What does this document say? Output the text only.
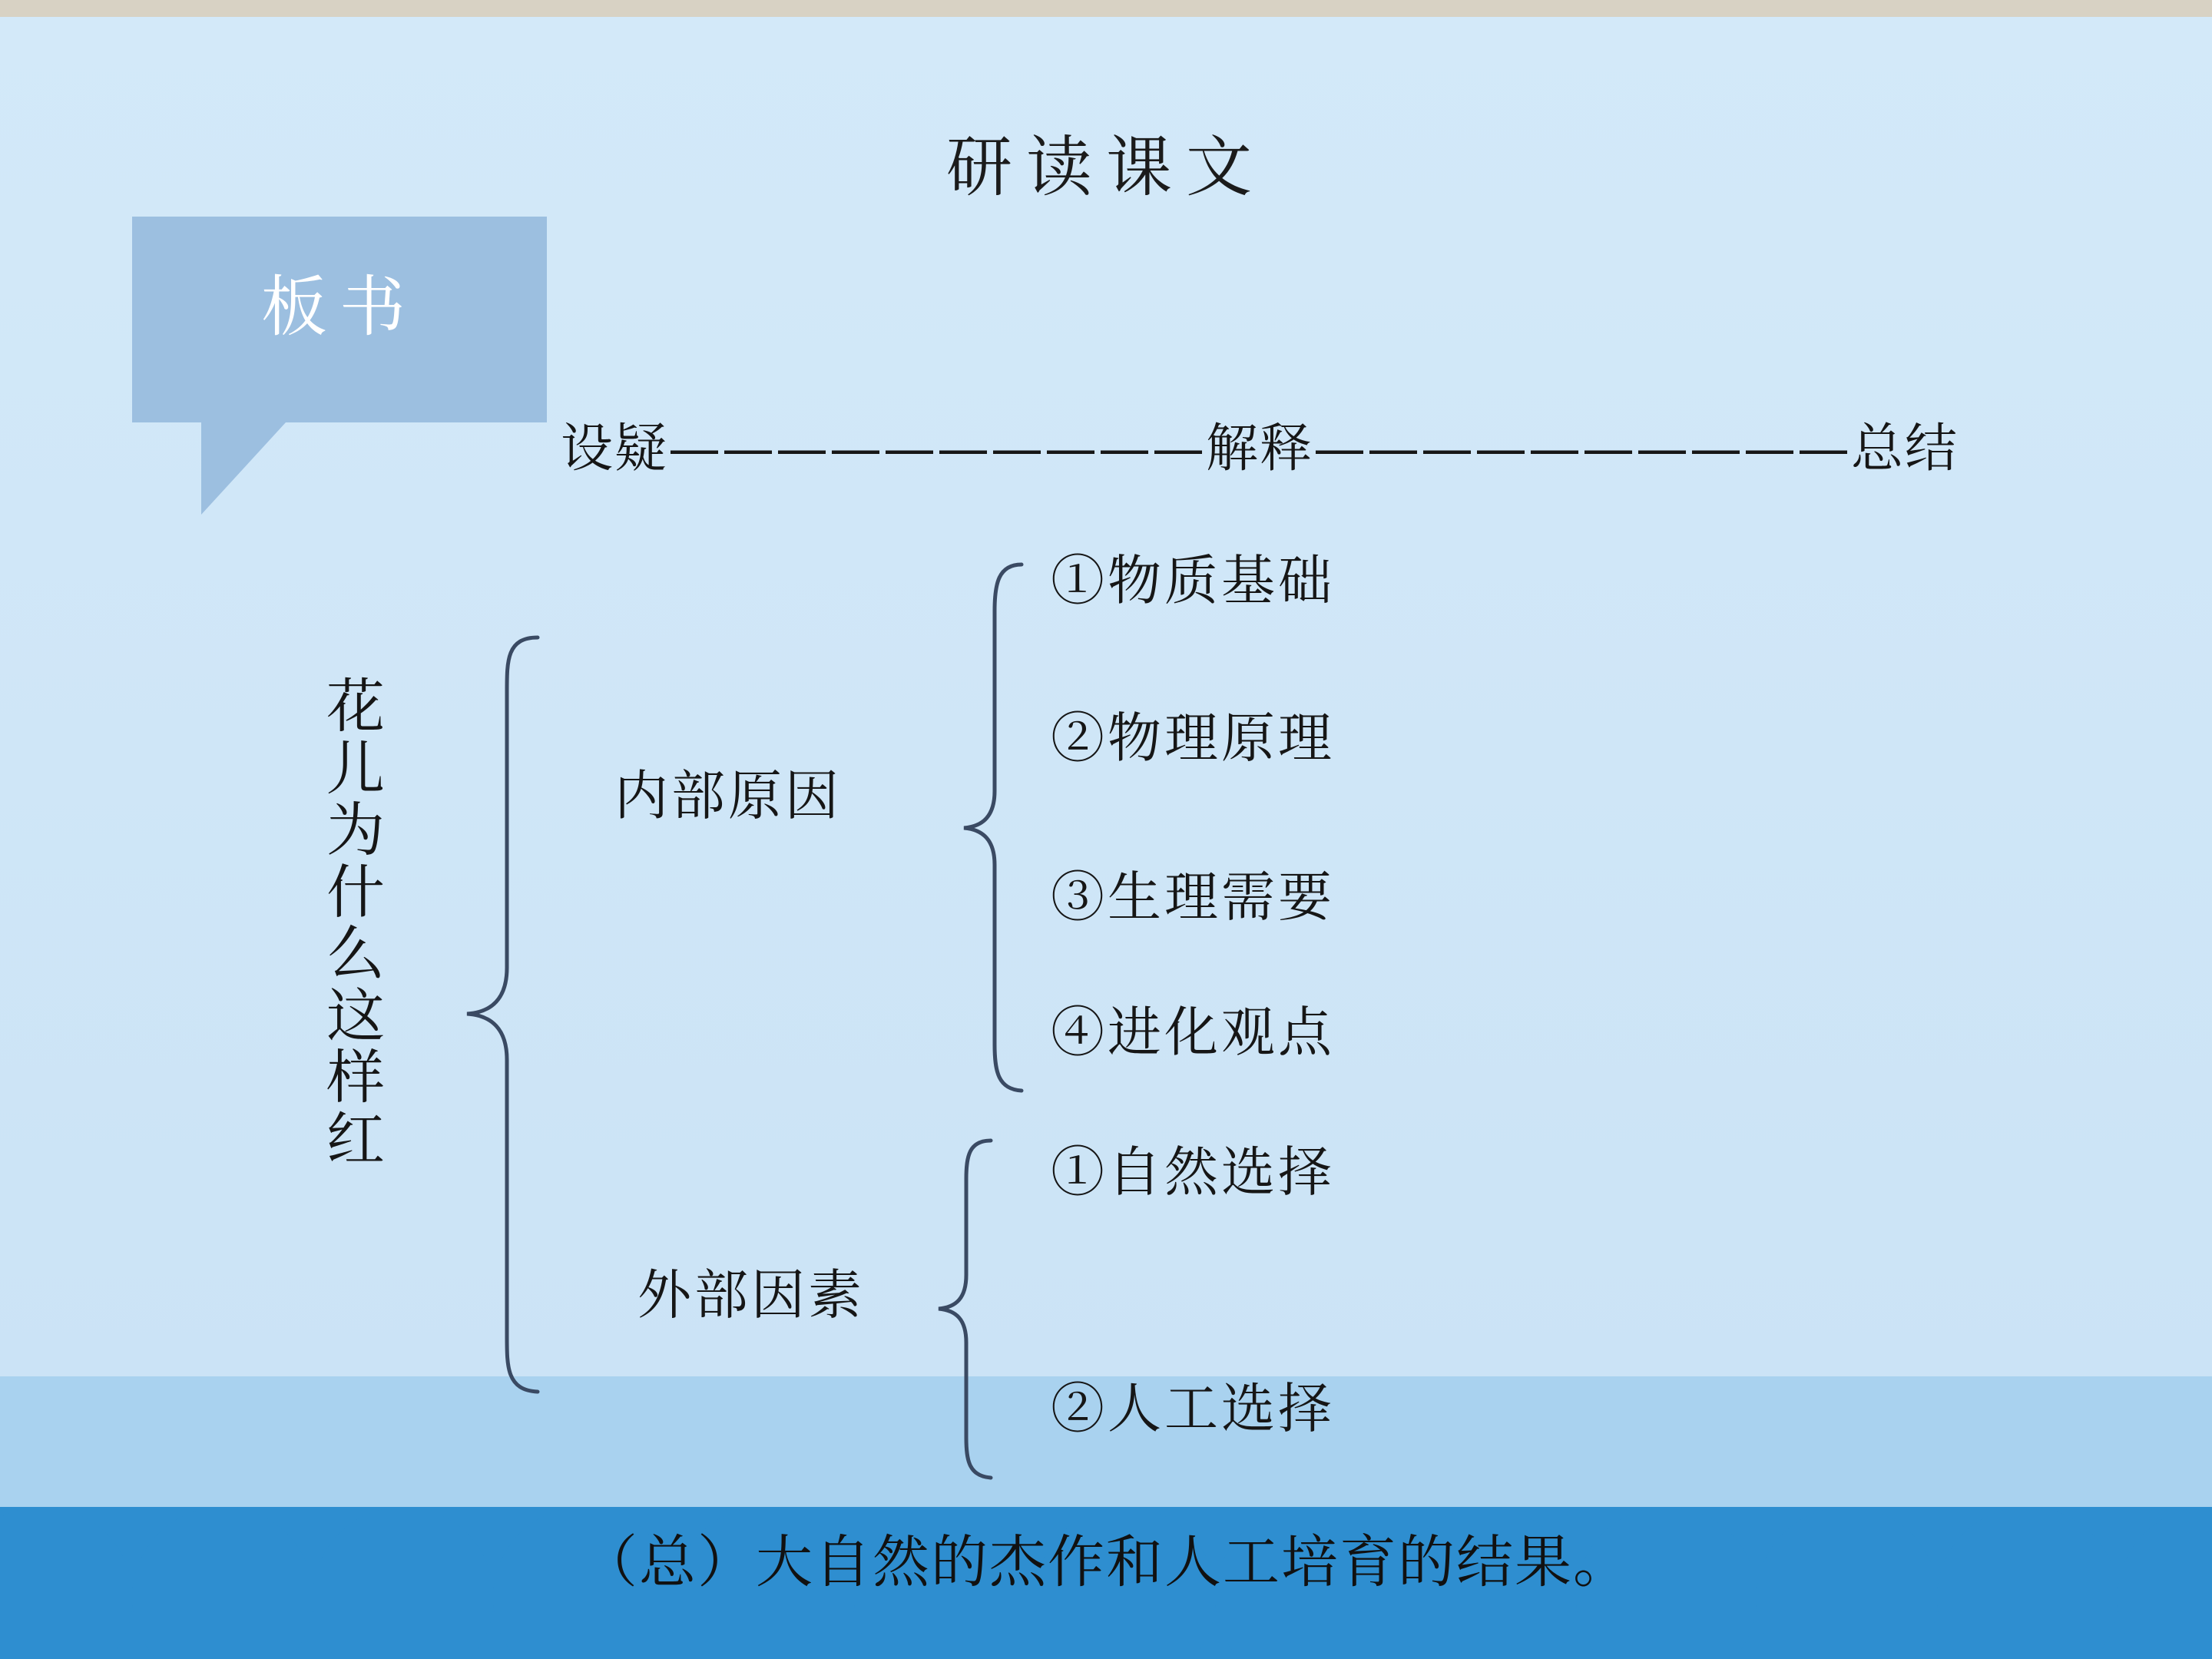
研读课文
板书
设疑——————————解释——————————总结
花
儿
为
什
么
这
样
红
内部原因
外部因素
①物质基础
②物理原理
③生理需要
④进化观点
①自然选择
②人工选择
（总）大自然的杰作和人工培育的结果。
